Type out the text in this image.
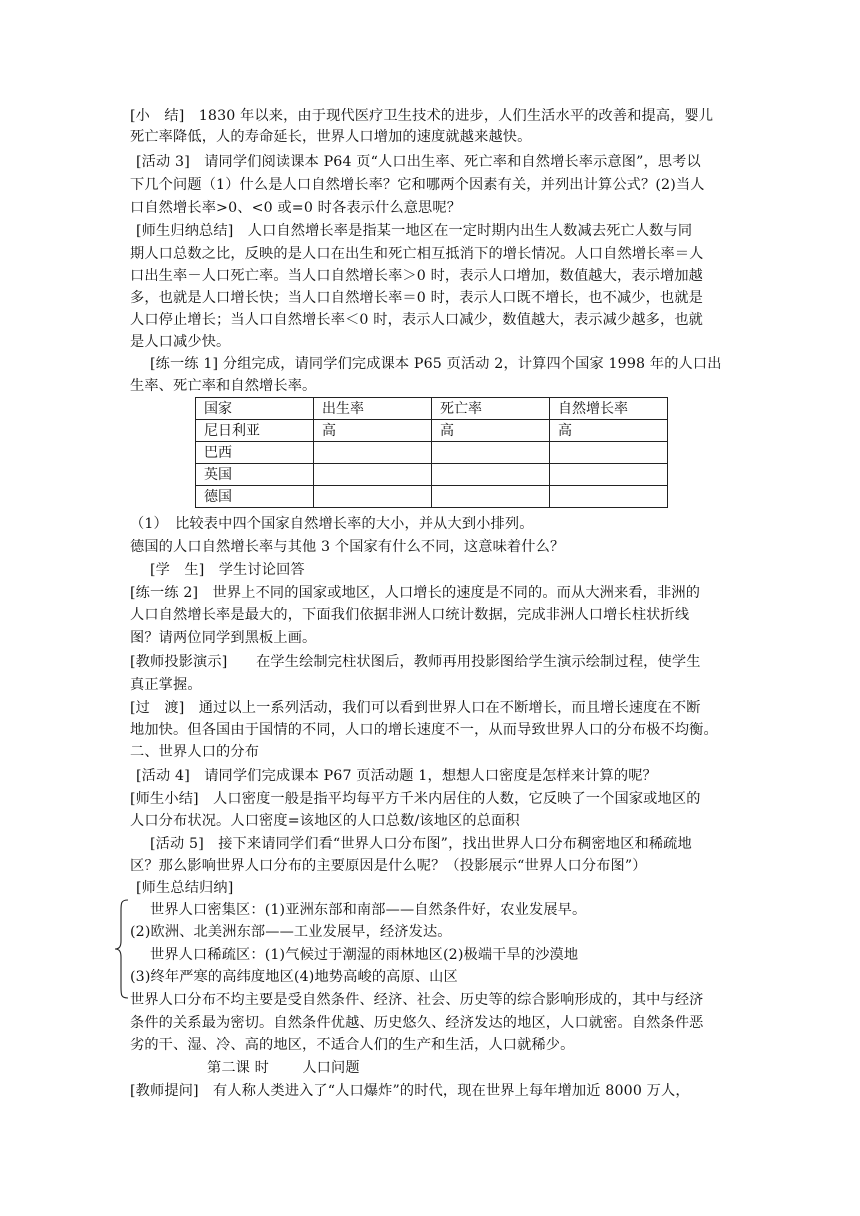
[小　结]　1830 年以来，由于现代医疗卫生技术的进步，人们生活水平的改善和提高，婴儿
死亡率降低，人的寿命延长，世界人口增加的速度就越来越快。
[活动 3]　请同学们阅读课本 P64 页“人口出生率、死亡率和自然增长率示意图”，思考以
下几个问题（1）什么是人口自然增长率？它和哪两个因素有关，并列出计算公式？(2)当人
口自然增长率>0、<0 或=0 时各表示什么意思呢？
[师生归纳总结]　人口自然增长率是指某一地区在一定时期内出生人数减去死亡人数与同
期人口总数之比，反映的是人口在出生和死亡相互抵消下的增长情况。人口自然增长率＝人
口出生率－人口死亡率。当人口自然增长率＞0 时，表示人口增加，数值越大，表示增加越
多，也就是人口增长快；当人口自然增长率＝0 时，表示人口既不增长，也不减少，也就是
人口停止增长；当人口自然增长率＜0 时，表示人口减少，数值越大，表示减少越多，也就
是人口减少快。
[练一练 1] 分组完成，请同学们完成课本 P65 页活动 2，计算四个国家 1998 年的人口出
生率、死亡率和自然增长率。
国家	出生率	死亡率	自然增长率
尼日利亚	高	高	高
巴西			
英国			
德国			
（1）　比较表中四个国家自然增长率的大小，并从大到小排列。
德国的人口自然增长率与其他 3 个国家有什么不同，这意味着什么？
[学　生]　学生讨论回答
[练一练 2]　世界上不同的国家或地区，人口增长的速度是不同的。而从大洲来看，非洲的
人口自然增长率是最大的，下面我们依据非洲人口统计数据，完成非洲人口增长柱状折线
图？请两位同学到黑板上画。
[教师投影演示]　　在学生绘制完柱状图后，教师再用投影图给学生演示绘制过程，使学生
真正掌握。
[过　渡]　通过以上一系列活动，我们可以看到世界人口在不断增长，而且增长速度在不断
地加快。但各国由于国情的不同，人口的增长速度不一，从而导致世界人口的分布极不均衡。
二、世界人口的分布
[活动 4]　请同学们完成课本 P67 页活动题 1，想想人口密度是怎样来计算的呢？
[师生小结]　人口密度一般是指平均每平方千米内居住的人数，它反映了一个国家或地区的
人口分布状况。人口密度=该地区的人口总数/该地区的总面积
[活动 5]　接下来请同学们看“世界人口分布图”，找出世界人口分布稠密地区和稀疏地
区？那么影响世界人口分布的主要原因是什么呢？（投影展示“世界人口分布图”）
[师生总结归纳]
世界人口密集区：(1)亚洲东部和南部——自然条件好，农业发展早。
(2)欧洲、北美洲东部——工业发展早，经济发达。
世界人口稀疏区：(1)气候过于潮湿的雨林地区(2)极端干旱的沙漠地
(3)终年严寒的高纬度地区(4)地势高峻的高原、山区
世界人口分布不均主要是受自然条件、经济、社会、历史等的综合影响形成的，其中与经济
条件的关系最为密切。自然条件优越、历史悠久、经济发达的地区，人口就密。自然条件恶
劣的干、湿、冷、高的地区，不适合人们的生产和生活，人口就稀少。
第二课 时　　 人口问题
[教师提问]　有人称人类进入了“人口爆炸”的时代，现在世界上每年增加近 8000 万人，
